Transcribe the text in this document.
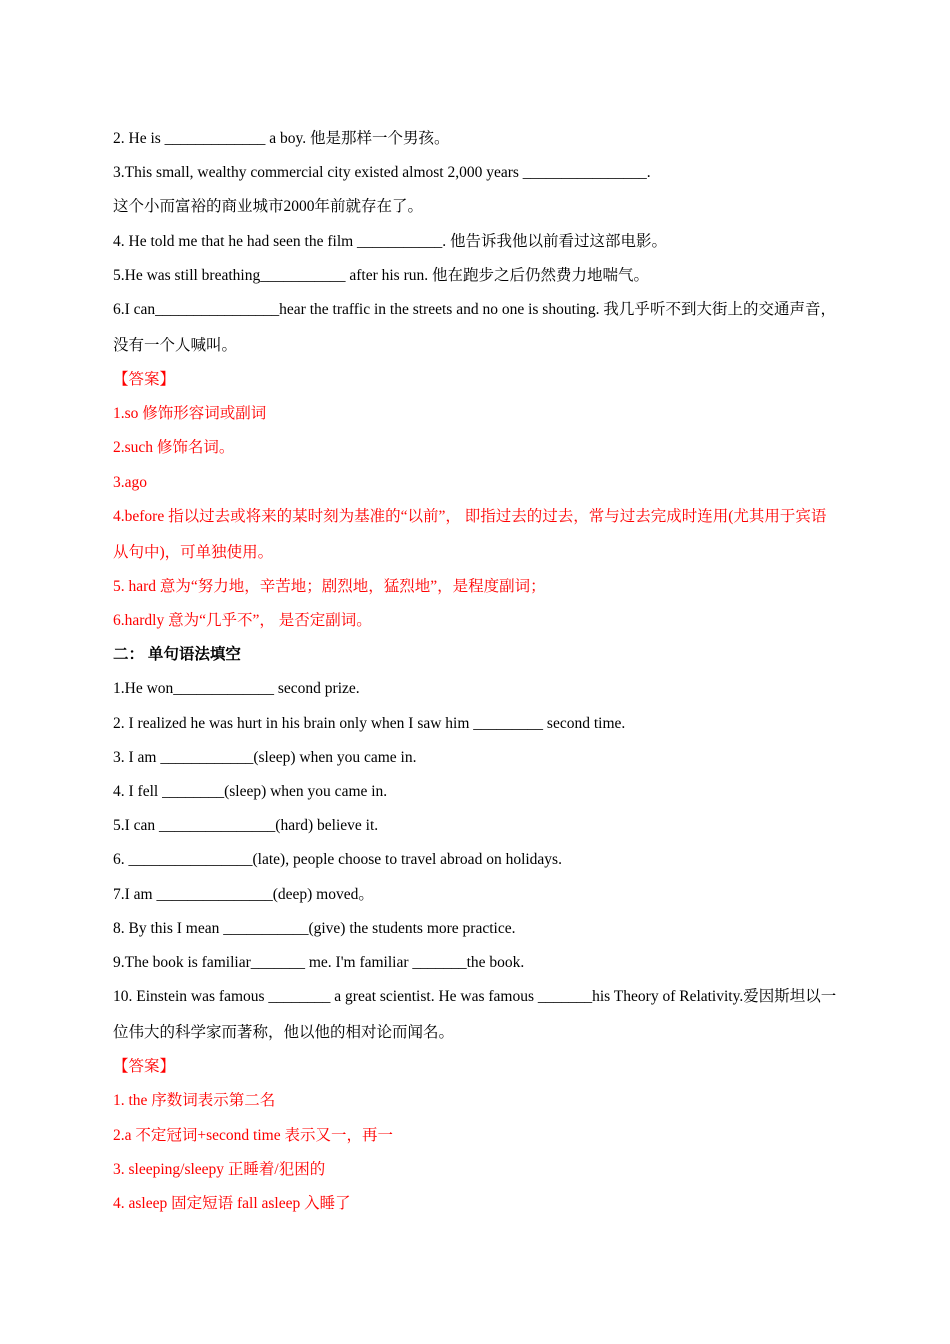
2. He is _____________ a boy. 他是那样一个男孩。
3.This small, wealthy commercial city existed almost 2,000 years ________________.
这个小而富裕的商业城市2000年前就存在了。
4. He told me that he had seen the film ___________. 他告诉我他以前看过这部电影。
5.He was still breathing___________ after his run. 他在跑步之后仍然费力地喘气。
6.I can________________hear the traffic in the streets and no one is shouting. 我几乎听不到大街上的交通声音，没有一个人喊叫。
【答案】
1.so 修饰形容词或副词
2.such 修饰名词。
3.ago
4.before 指以过去或将来的某时刻为基准的“以前”， 即指过去的过去，常与过去完成时连用(尤其用于宾语从句中)，可单独使用。
5. hard 意为“努力地，辛苦地；剧烈地，猛烈地”，是程度副词；
6.hardly 意为“几乎不”， 是否定副词。
二： 单句语法填空
1.He won_____________ second prize.
2. I realized he was hurt in his brain only when I saw him _________ second time.
3. I am ____________(sleep) when you came in.
4. I fell ________(sleep) when you came in.
5.I can _______________(hard) believe it.
6. ________________(late), people choose to travel abroad on holidays.
7.I am _______________(deep) moved。
8. By this I mean ___________(give) the students more practice.
9.The book is familiar_______ me. I'm familiar _______the book.
10. Einstein was famous ________ a great scientist. He was famous _______his Theory of Relativity.爱因斯坦以一位伟大的科学家而著称，他以他的相对论而闻名。
【答案】
1. the 序数词表示第二名
2.a 不定冠词+second time 表示又一，再一
3. sleeping/sleepy 正睡着/犯困的
4. asleep 固定短语 fall asleep 入睡了
